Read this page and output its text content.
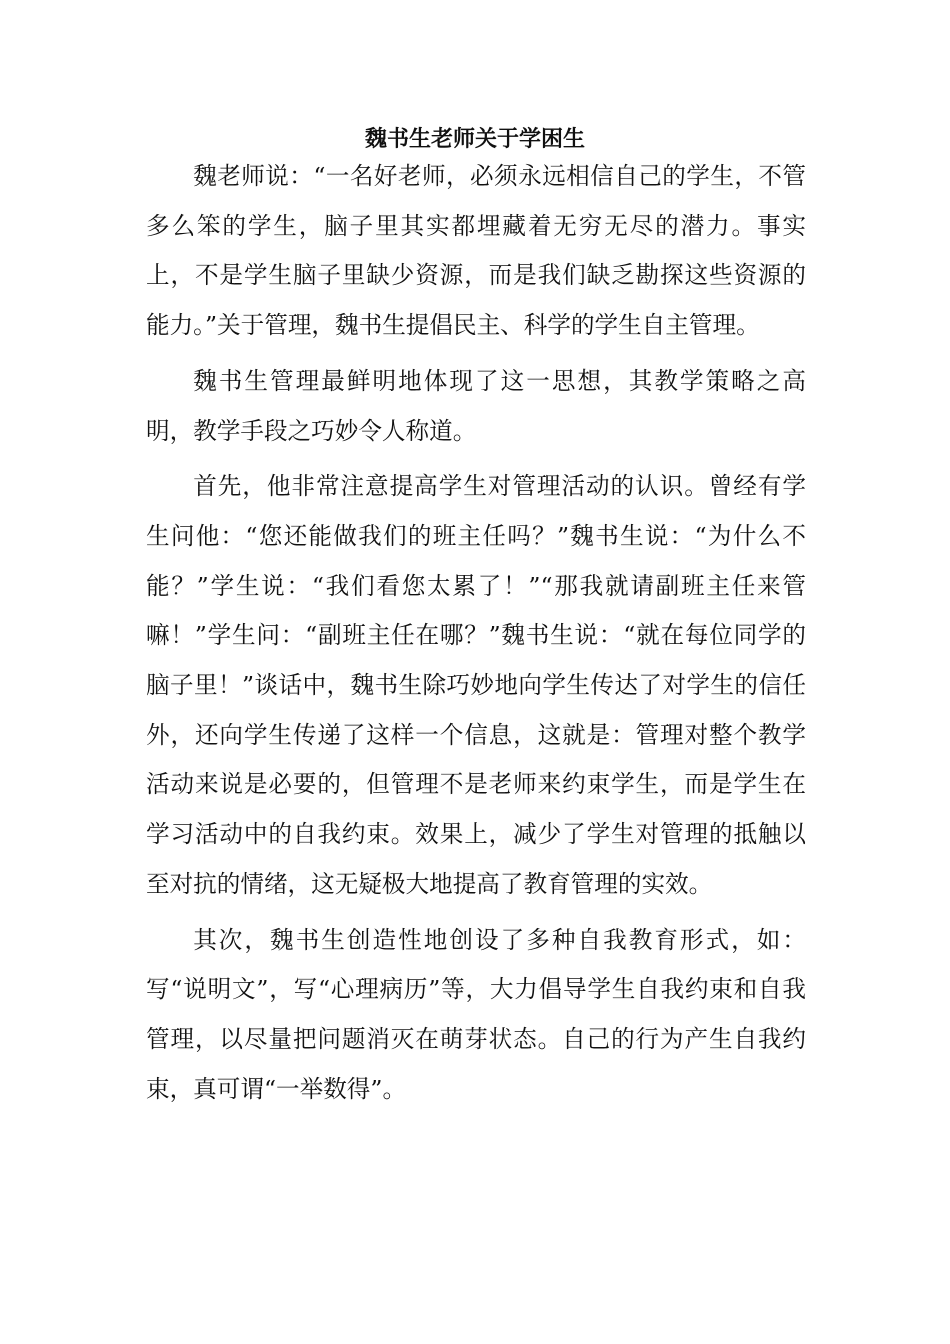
魏书生老师关于学困生

魏老师说：“一名好老师，必须永远相信自己的学生，不管多么笨的学生，脑子里其实都埋藏着无穷无尽的潜力。事实上，不是学生脑子里缺少资源，而是我们缺乏勘探这些资源的能力。”关于管理，魏书生提倡民主、科学的学生自主管理。

魏书生管理最鲜明地体现了这一思想，其教学策略之高明，教学手段之巧妙令人称道。

首先，他非常注意提高学生对管理活动的认识。曾经有学生问他：“您还能做我们的班主任吗？”魏书生说：“为什么不能？”学生说：“我们看您太累了！”“那我就请副班主任来管嘛！”学生问：“副班主任在哪？”魏书生说：“就在每位同学的脑子里！”谈话中，魏书生除巧妙地向学生传达了对学生的信任外，还向学生传递了这样一个信息，这就是：管理对整个教学活动来说是必要的，但管理不是老师来约束学生，而是学生在学习活动中的自我约束。效果上，减少了学生对管理的抵触以至对抗的情绪，这无疑极大地提高了教育管理的实效。

其次，魏书生创造性地创设了多种自我教育形式，如：写“说明文”，写“心理病历”等，大力倡导学生自我约束和自我管理，以尽量把问题消灭在萌芽状态。自己的行为产生自我约束，真可谓“一举数得”。
